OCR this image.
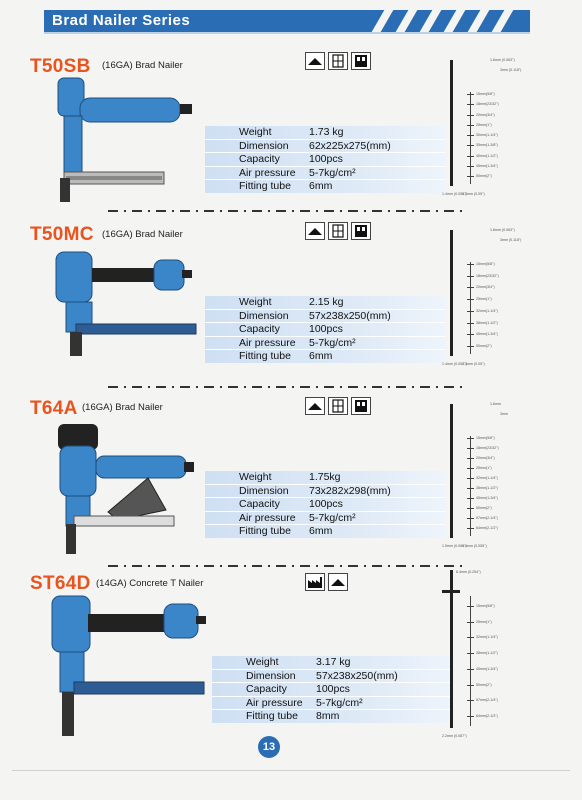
Brad Nailer Series
T50SB (16GA) Brad Nailer
Weight	1.73 kg
Dimension	62x225x275(mm)
Capacity	100pcs
Air pressure	5-7kg/cm²
Fitting tube	6mm
1.6mm (0.063")
3mm (0.118")
15mm(5/8")
18mm(23/32")
20mm(3/4")
25mm(1")
30mm(1-1/4")
35mm(1-3/8")
40mm(1-1/2")
45mm(1-3/4")
50mm(2")
1.4mm (0.055")
1.2mm (0.05")
T50MC (16GA) Brad Nailer
Weight	2.15 kg
Dimension	57x238x250(mm)
Capacity	100pcs
Air pressure	5-7kg/cm²
Fitting tube	6mm
1.6mm (0.063")
3mm (0.118")
15mm(5/8")
18mm(23/32")
20mm(3/4")
25mm(1")
32mm(1-1/4")
38mm(1-1/2")
45mm(1-3/4")
50mm(2")
1.4mm (0.052")
1.3mm (0.05")
T64A (16GA) Brad Nailer
Weight	1.75kg
Dimension	73x282x298(mm)
Capacity	100pcs
Air pressure	5-7kg/cm²
Fitting tube	6mm
1.6mm
3mm
15mm(5/8")
18mm(23/32")
20mm(3/4")
25mm(1")
32mm(1-1/4")
38mm(1-1/2")
45mm(1-3/4")
50mm(2")
57mm(2-1/4")
64mm(2-1/2")
1.5mm (0.060")
1.4mm (0.055")
ST64D (14GA) Concrete T Nailer
Weight	3.17 kg
Dimension	57x238x250(mm)
Capacity	100pcs
Air pressure	5-7kg/cm²
Fitting tube	8mm
6.4mm (0.254")
15mm(5/8")
25mm(1")
32mm(1-1/4")
38mm(1-1/2")
45mm(1-3/4")
50mm(2")
57mm(2-1/4")
64mm(2-1/2")
2.2mm (0.087")
13
